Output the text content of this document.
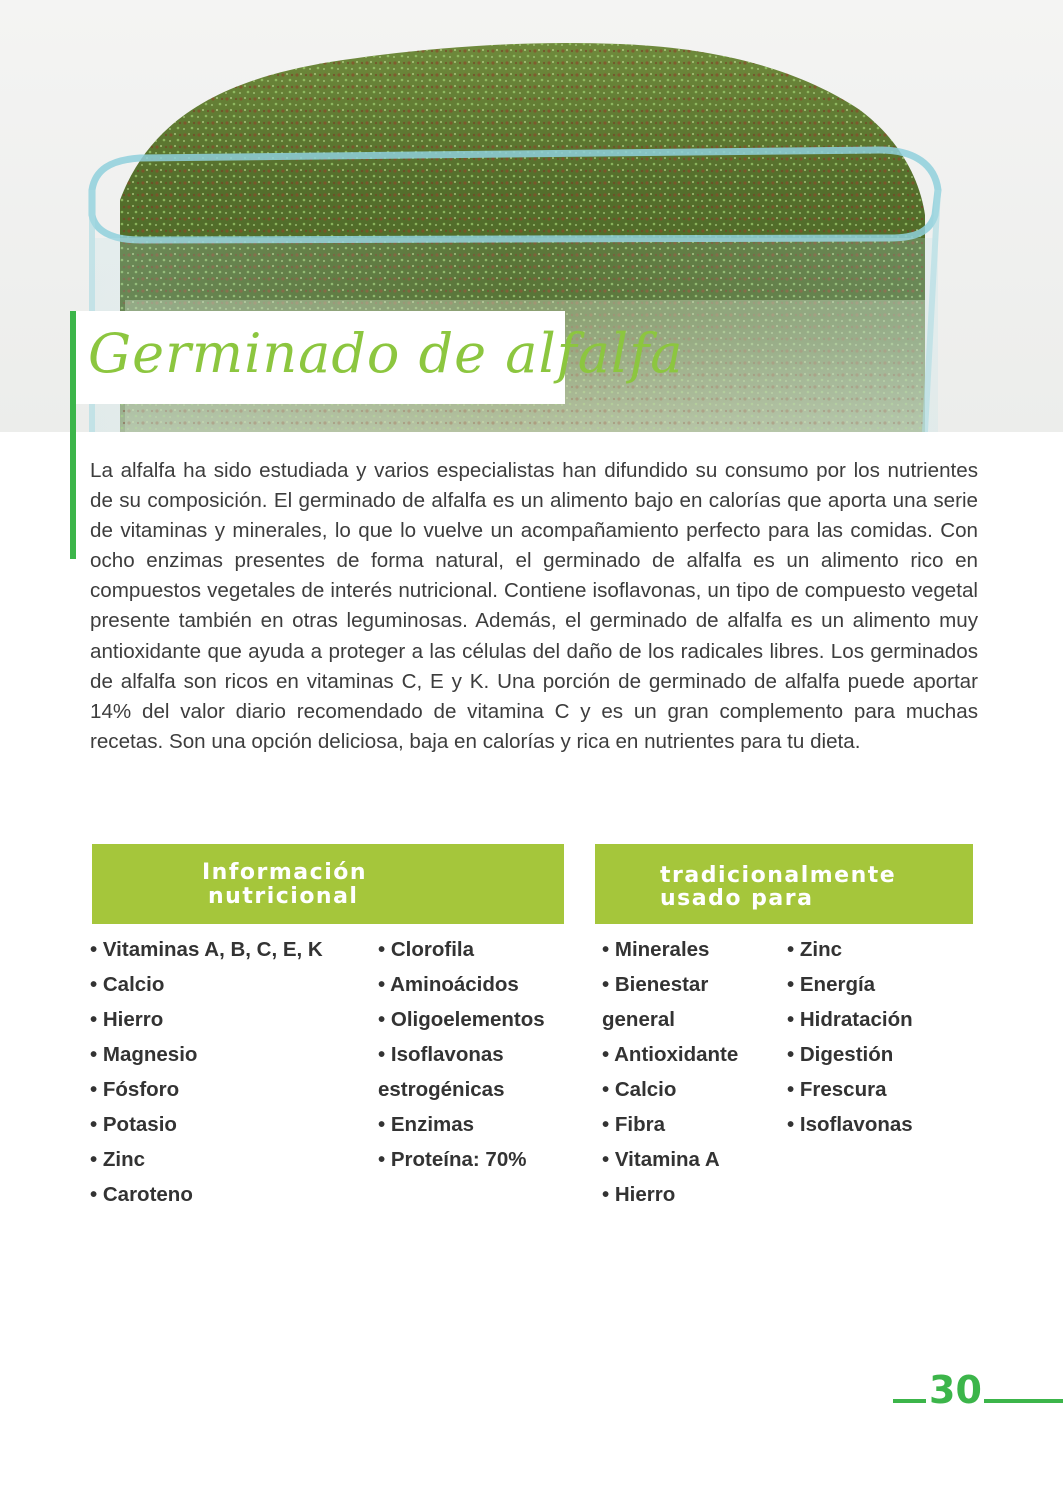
Germinado de alfalfa

La alfalfa ha sido estudiada y varios especialistas han difundido su consumo por los nutrientes de su composición. El germinado de alfalfa es un alimento bajo en calorías que aporta una serie de vitaminas y minerales, lo que lo vuelve un acompañamiento perfecto para las comidas. Con ocho enzimas presentes de forma natural, el germinado de alfalfa es un alimento rico en compuestos vegetales de interés nutricional. Contiene isoflavonas, un tipo de compuesto vegetal presente también en otras leguminosas. Además, el germinado de alfalfa es un alimento muy antioxidante que ayuda a proteger a las células del daño de los radicales libres. Los germinados de alfalfa son ricos en vitaminas C, E y K. Una porción de germinado de alfalfa puede aportar 14% del valor diario recomendado de vitamina C y es un gran complemento para muchas recetas. Son una opción deliciosa, baja en calorías y rica en nutrientes para tu dieta.

Información
nutricional
• Vitaminas A, B, C, E, K
• Calcio
• Hierro
• Magnesio
• Fósforo
• Potasio
• Zinc
• Caroteno
• Clorofila
• Aminoácidos
• Oligoelementos
• Isoflavonas estrogénicas
• Enzimas
• Proteína: 70%
tradicionalmente
usado para
• Minerales
• Bienestar general
• Antioxidante
• Calcio
• Fibra
• Vitamina A
• Hierro
• Zinc
• Energía
• Hidratación
• Digestión
• Frescura
• Isoflavonas
30
